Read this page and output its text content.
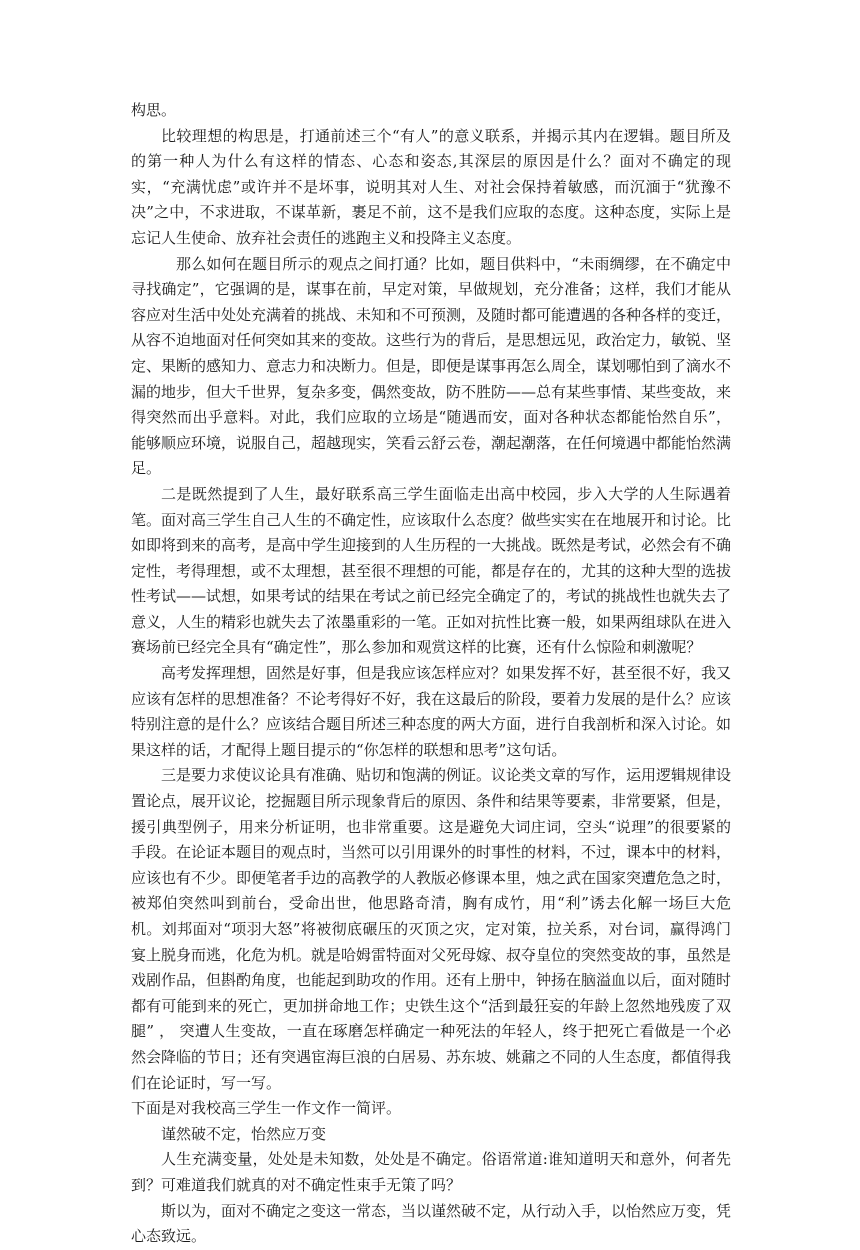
构思。

比较理想的构思是，打通前述三个“有人”的意义联系，并揭示其内在逻辑。题目所及的第一种人为什么有这样的情态、心态和姿态,其深层的原因是什么？面对不确定的现实，“充满忧虑”或许并不是坏事，说明其对人生、对社会保持着敏感，而沉湎于“犹豫不决”之中，不求进取，不谋革新，裹足不前，这不是我们应取的态度。这种态度，实际上是忘记人生使命、放弃社会责任的逃跑主义和投降主义态度。

那么如何在题目所示的观点之间打通？比如，题目供料中，“未雨绸缪，在不确定中寻找确定”，它强调的是，谋事在前，早定对策，早做规划，充分准备；这样，我们才能从容应对生活中处处充满着的挑战、未知和不可预测，及随时都可能遭遇的各种各样的变迁，从容不迫地面对任何突如其来的变故。这些行为的背后，是思想远见，政治定力，敏锐、坚定、果断的感知力、意志力和决断力。但是，即便是谋事再怎么周全，谋划哪怕到了滴水不漏的地步，但大千世界，复杂多变，偶然变故，防不胜防——总有某些事情、某些变故，来得突然而出乎意料。对此，我们应取的立场是“随遇而安，面对各种状态都能怡然自乐”，能够顺应环境，说服自己，超越现实，笑看云舒云卷，潮起潮落，在任何境遇中都能怡然满足。

二是既然提到了人生，最好联系高三学生面临走出高中校园，步入大学的人生际遇着笔。面对高三学生自己人生的不确定性，应该取什么态度？做些实实在在地展开和讨论。比如即将到来的高考，是高中学生迎接到的人生历程的一大挑战。既然是考试，必然会有不确定性，考得理想，或不太理想，甚至很不理想的可能，都是存在的，尤其的这种大型的选拔性考试——试想，如果考试的结果在考试之前已经完全确定了的，考试的挑战性也就失去了意义，人生的精彩也就失去了浓墨重彩的一笔。正如对抗性比赛一般，如果两组球队在进入赛场前已经完全具有“确定性”，那么参加和观赏这样的比赛，还有什么惊险和刺激呢？

高考发挥理想，固然是好事，但是我应该怎样应对？如果发挥不好，甚至很不好，我又应该有怎样的思想准备？不论考得好不好，我在这最后的阶段，要着力发展的是什么？应该特别注意的是什么？应该结合题目所述三种态度的两大方面，进行自我剖析和深入讨论。如果这样的话，才配得上题目提示的“你怎样的联想和思考”这句话。

三是要力求使议论具有准确、贴切和饱满的例证。议论类文章的写作，运用逻辑规律设置论点，展开议论，挖掘题目所示现象背后的原因、条件和结果等要素，非常要紧，但是，援引典型例子，用来分析证明，也非常重要。这是避免大词庄词，空头“说理”的很要紧的手段。在论证本题目的观点时，当然可以引用课外的时事性的材料，不过，课本中的材料，应该也有不少。即便笔者手边的高教学的人教版必修课本里，烛之武在国家突遭危急之时，被郑伯突然叫到前台，受命出世，他思路奇清，胸有成竹，用“利”诱去化解一场巨大危机。刘邦面对“项羽大怒”将被彻底碾压的灭顶之灾，定对策，拉关系，对台词，赢得鸿门宴上脱身而逃，化危为机。就是哈姆雷特面对父死母嫁、叔夺皇位的突然变故的事，虽然是戏剧作品，但斟酌角度，也能起到助攻的作用。还有上册中，钟扬在脑溢血以后，面对随时都有可能到来的死亡，更加拼命地工作；史铁生这个“活到最狂妄的年龄上忽然地残废了双腿” ， 突遭人生变故，一直在琢磨怎样确定一种死法的年轻人，终于把死亡看做是一个必然会降临的节日；还有突遇宦海巨浪的白居易、苏东坡、姚鼐之不同的人生态度，都值得我们在论证时，写一写。

下面是对我校高三学生一作文作一简评。

谨然破不定，怡然应万变

人生充满变量，处处是未知数，处处是不确定。俗语常道:谁知道明天和意外，何者先到？可难道我们就真的对不确定性束手无策了吗？

斯以为，面对不确定之变这一常态，当以谨然破不定，从行动入手，以怡然应万变，凭心态致远。
